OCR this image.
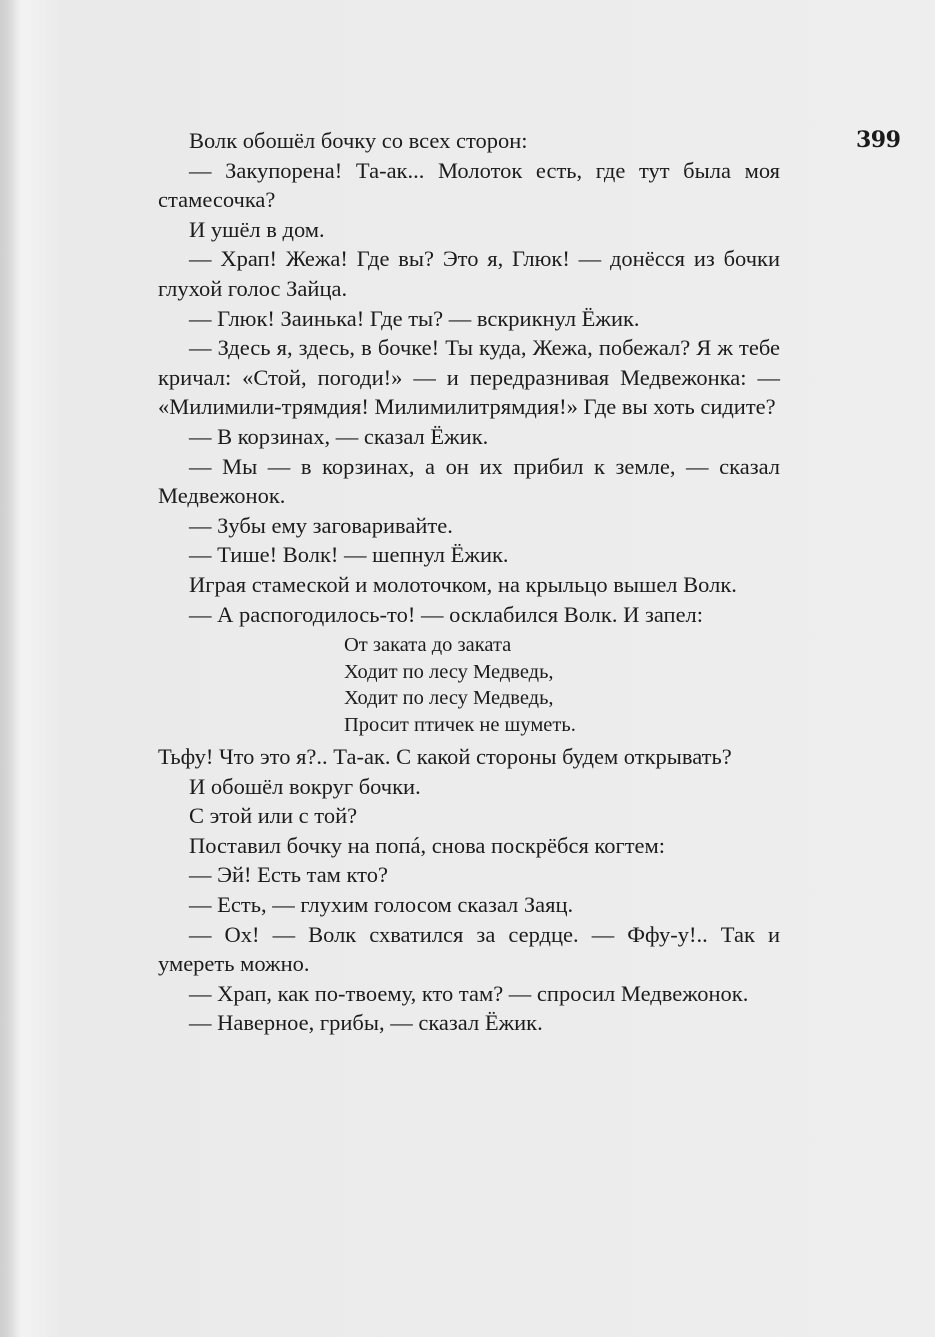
399

Волк обошёл бочку со всех сторон:

— Закупорена! Та-ак... Молоток есть, где тут была моя стамесочка?

И ушёл в дом.

— Храп! Жежа! Где вы? Это я, Глюк! — донёсся из бочки глухой голос Зайца.

— Глюк! Заинька! Где ты? — вскрикнул Ёжик.

— Здесь я, здесь, в бочке! Ты куда, Жежа, побежал? Я ж тебе кричал: «Стой, погоди!» — и передразнивая Медвежонка: — «Милимили-трямдия! Милимилитрямдия!» Где вы хоть сидите?

— В корзинах, — сказал Ёжик.

— Мы — в корзинах, а он их прибил к земле, — сказал Медвежонок.

— Зубы ему заговаривайте.

— Тише! Волк! — шепнул Ёжик.

Играя стамеской и молоточком, на крыльцо вышел Волк.

— А распогодилось-то! — осклабился Волк. И запел:

От заката до заката
Ходит по лесу Медведь,
Ходит по лесу Медведь,
Просит птичек не шуметь.

Тьфу! Что это я?.. Та-ак. С какой стороны будем открывать?

И обошёл вокруг бочки.

С этой или с той?

Поставил бочку на попá, снова поскрёбся когтем:

— Эй! Есть там кто?

— Есть, — глухим голосом сказал Заяц.

— Ох! — Волк схватился за сердце. — Ффу-у!.. Так и умереть можно.

— Храп, как по-твоему, кто там? — спросил Медвежонок.

— Наверное, грибы, — сказал Ёжик.
